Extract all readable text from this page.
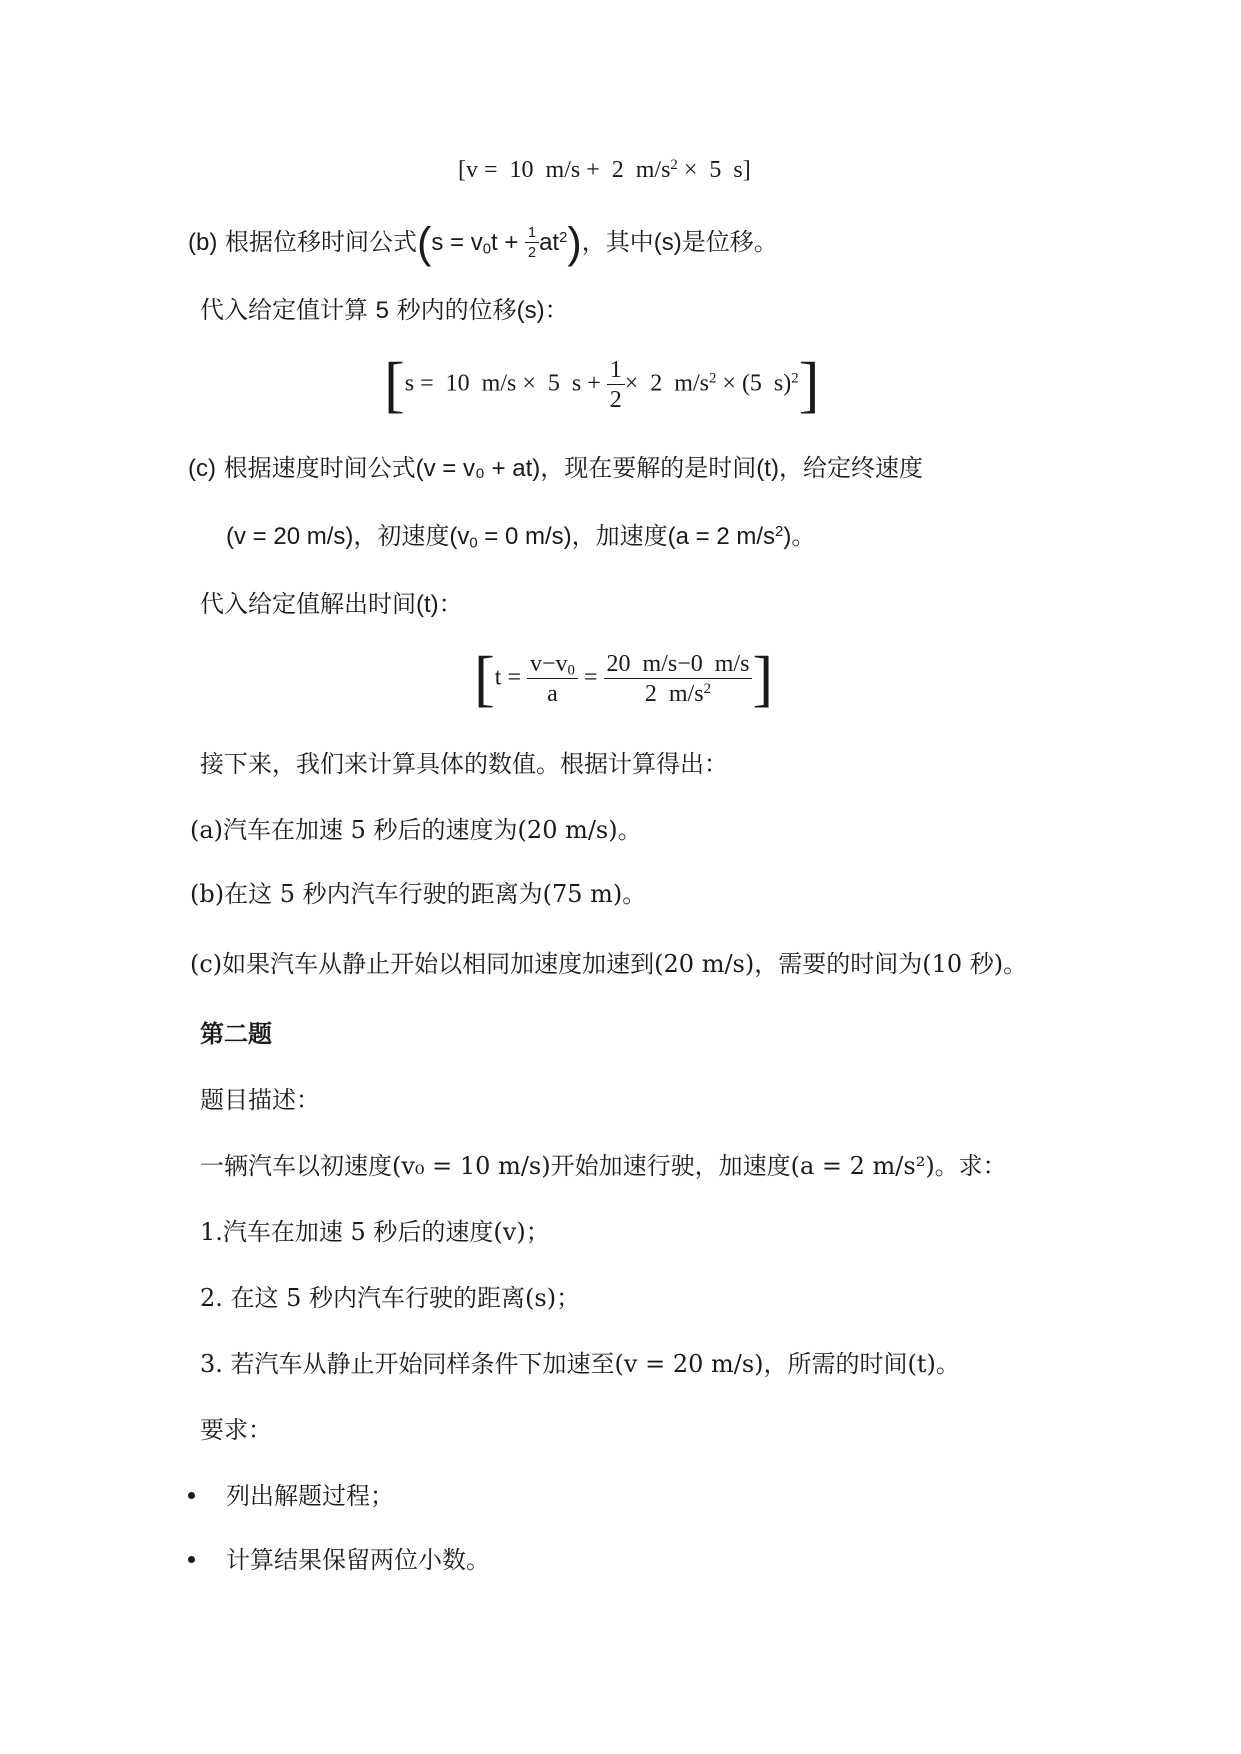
[v =  10  m/s +  2  $m/s^2 \times 5$  s]
(b) 根据位移时间公式$(s = v_0t + \frac{1}{2} at^2)$，其中(s)是位移。
代入给定值计算 5 秒内的位移(s)：
[s =  10  m/s ×  5  $s + \frac{1}{2} \times 2$  $m/s^2 \times (5$  s)$^2$]
(c) 根据速度时间公式(v = v₀ + at)，现在要解的是时间(t)，给定终速度
(v = 20 m/s)，初速度($v_0 = 0$ m/s)，加速度(a = 2 $m/s^2$)。
代入给定值解出时间(t)：
[$t = \frac{v-v_0}{a} = \frac{20 m/s-0 m/s}{2 m/s^2}$ ]
接下来，我们来计算具体的数值。根据计算得出：
(a)汽车在加速 5 秒后的速度为(20 m/s)。
(b)在这 5 秒内汽车行驶的距离为(75 m)。
(c)如果汽车从静止开始以相同加速度加速到(20 m/s)，需要的时间为(10 秒)。
第二题
题目描述：
一辆汽车以初速度(v₀ = 10 m/s)开始加速行驶，加速度(a = 2 m/s²)。求：
1.汽车在加速 5 秒后的速度(v)；
2. 在这 5 秒内汽车行驶的距离(s)；
3. 若汽车从静止开始同样条件下加速至(v = 20 m/s)，所需的时间(t)。
要求：
列出解题过程；
计算结果保留两位小数。
